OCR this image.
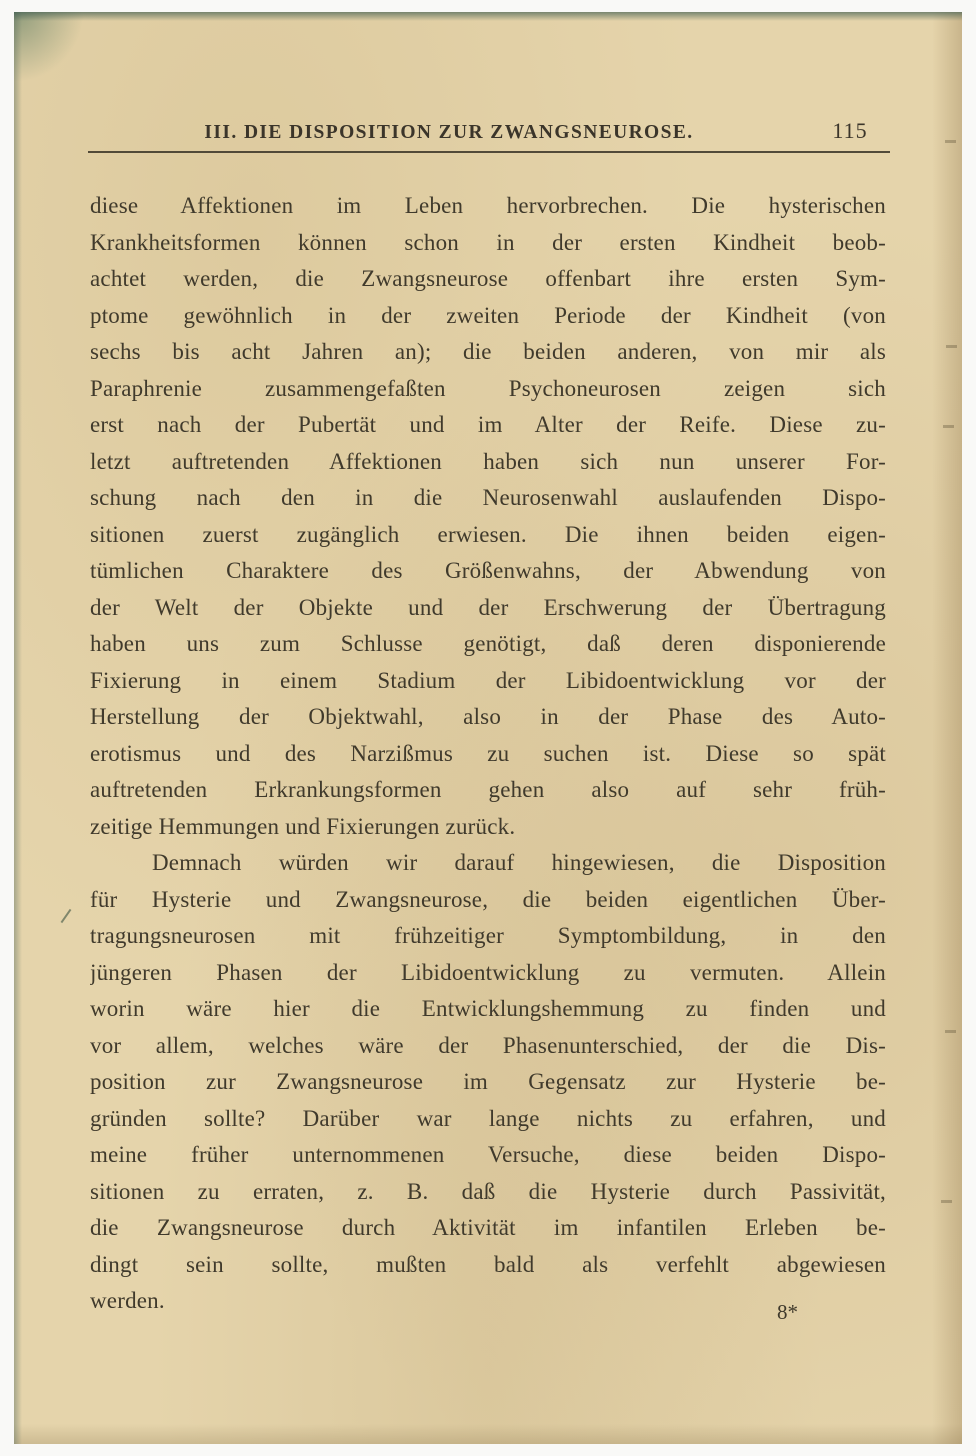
III. DIE DISPOSITION ZUR ZWANGSNEUROSE.	115
diese Affektionen im Leben hervorbrechen. Die hysterischen
Krankheitsformen können schon in der ersten Kindheit beob-
achtet werden, die Zwangsneurose offenbart ihre ersten Sym-
ptome gewöhnlich in der zweiten Periode der Kindheit (von
sechs bis acht Jahren an); die beiden anderen, von mir als
Paraphrenie zusammengefaßten Psychoneurosen zeigen sich
erst nach der Pubertät und im Alter der Reife. Diese zu-
letzt auftretenden Affektionen haben sich nun unserer For-
schung nach den in die Neurosenwahl auslaufenden Dispo-
sitionen zuerst zugänglich erwiesen. Die ihnen beiden eigen-
tümlichen Charaktere des Größenwahns, der Abwendung von
der Welt der Objekte und der Erschwerung der Übertragung
haben uns zum Schlusse genötigt, daß deren disponierende
Fixierung in einem Stadium der Libidoentwicklung vor der
Herstellung der Objektwahl, also in der Phase des Auto-
erotismus und des Narzißmus zu suchen ist. Diese so spät
auftretenden Erkrankungsformen gehen also auf sehr früh-
zeitige Hemmungen und Fixierungen zurück.
Demnach würden wir darauf hingewiesen, die Disposition
für Hysterie und Zwangsneurose, die beiden eigentlichen Über-
tragungsneurosen mit frühzeitiger Symptombildung, in den
jüngeren Phasen der Libidoentwicklung zu vermuten. Allein
worin wäre hier die Entwicklungshemmung zu finden und
vor allem, welches wäre der Phasenunterschied, der die Dis-
position zur Zwangsneurose im Gegensatz zur Hysterie be-
gründen sollte? Darüber war lange nichts zu erfahren, und
meine früher unternommenen Versuche, diese beiden Dispo-
sitionen zu erraten, z. B. daß die Hysterie durch Passivität,
die Zwangsneurose durch Aktivität im infantilen Erleben be-
dingt sein sollte, mußten bald als verfehlt abgewiesen
werden.	8*
